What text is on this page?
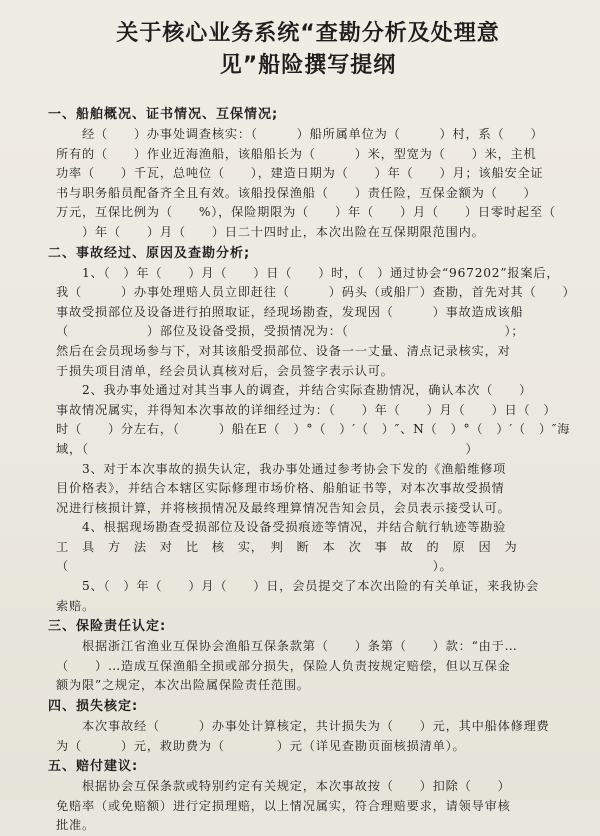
关于核心业务系统“查勘分析及处理意
见”船险撰写提纲
一、船舶概况、证书情况、互保情况;
经（　　）办事处调查核实：（　　　）船所属单位为（　　　）村，系（　　）
所有的（　　）作业近海渔船，该船船长为（　　　）米，型宽为（　　）米，主机
功率（　　）千瓦，总吨位（　　），建造日期为（　　）年（　　）月；该船安全证
书与职务船员配备齐全且有效。该船投保渔船（　　）责任险，互保金额为（　　）
万元，互保比例为（　　%），保险期限为（　　）年（　　）月（　　）日零时起至（
　　）年（　　）月（　　）日二十四时止，本次出险在互保期限范围内。
二、事故经过、原因及查勘分析;
1、（　）年（　　）月（　　）日（　　）时，（　）通过协会“967202”报案后，
我（　　　）办事处理赔人员立即赶往（　　　）码头（或船厂）查勘，首先对其（　　）
事故受损部位及设备进行拍照取证，经现场勘查，发现因（　　　）事故造成该船
（　　　　　　）部位及设备受损，受损情况为：（　　　　　　　　　　　　）；
然后在会员现场参与下，对其该船受损部位、设备一一丈量、清点记录核实，对
于损失项目清单，经会员认真核对后，会员签字表示认可。
2、我办事处通过对其当事人的调查，并结合实际查勘情况，确认本次（　　）
事故情况属实，并得知本次事故的详细经过为：（　　）年（　　）月（　　）日（　）
时（　　）分左右，（　　　）船在E（　）°（　）′（　）″、N（　）°（　）′（　）″海
域，（　　　　　　　　　　　　　　　　　　　　　　　　　　　　　）
3、对于本次事故的损失认定，我办事处通过参考协会下发的《渔船维修项
目价格表》，并结合本辖区实际修理市场价格、船舶证书等，对本次事故受损情
况进行核损计算，并将核损情况及最终理算情况告知会员，会员表示接受认可。
4、根据现场勘查受损部位及设备受损痕迹等情况，并结合航行轨迹等勘验
工　具　方　法　对　比　核　实，　判　断　本　次　事　故　的　原　因　为
（　　　　　　　　　　　　　　　　　　　　　　　　　　　　）。
5、（　）年（　　）月（　　）日，会员提交了本次出险的有关单证，来我协会
索赔。
三、保险责任认定:
根据浙江省渔业互保协会渔船互保条款第（　　）条第（　　）款：“由于…
（　　）…造成互保渔船全损或部分损失，保险人负责按规定赔偿，但以互保金
额为限”之规定，本次出险属保险责任范围。
四、损失核定:
本次事故经（　　　）办事处计算核定，共计损失为（　　）元，其中船体修理费
为（　　　）元，救助费为（　　　　）元（详见查勘页面核损清单）。
五、赔付建议:
根据协会互保条款或特别约定有关规定，本次事故按（　　）扣除（　　）
免赔率（或免赔额）进行定损理赔，以上情况属实，符合理赔要求，请领导审核
批准。
